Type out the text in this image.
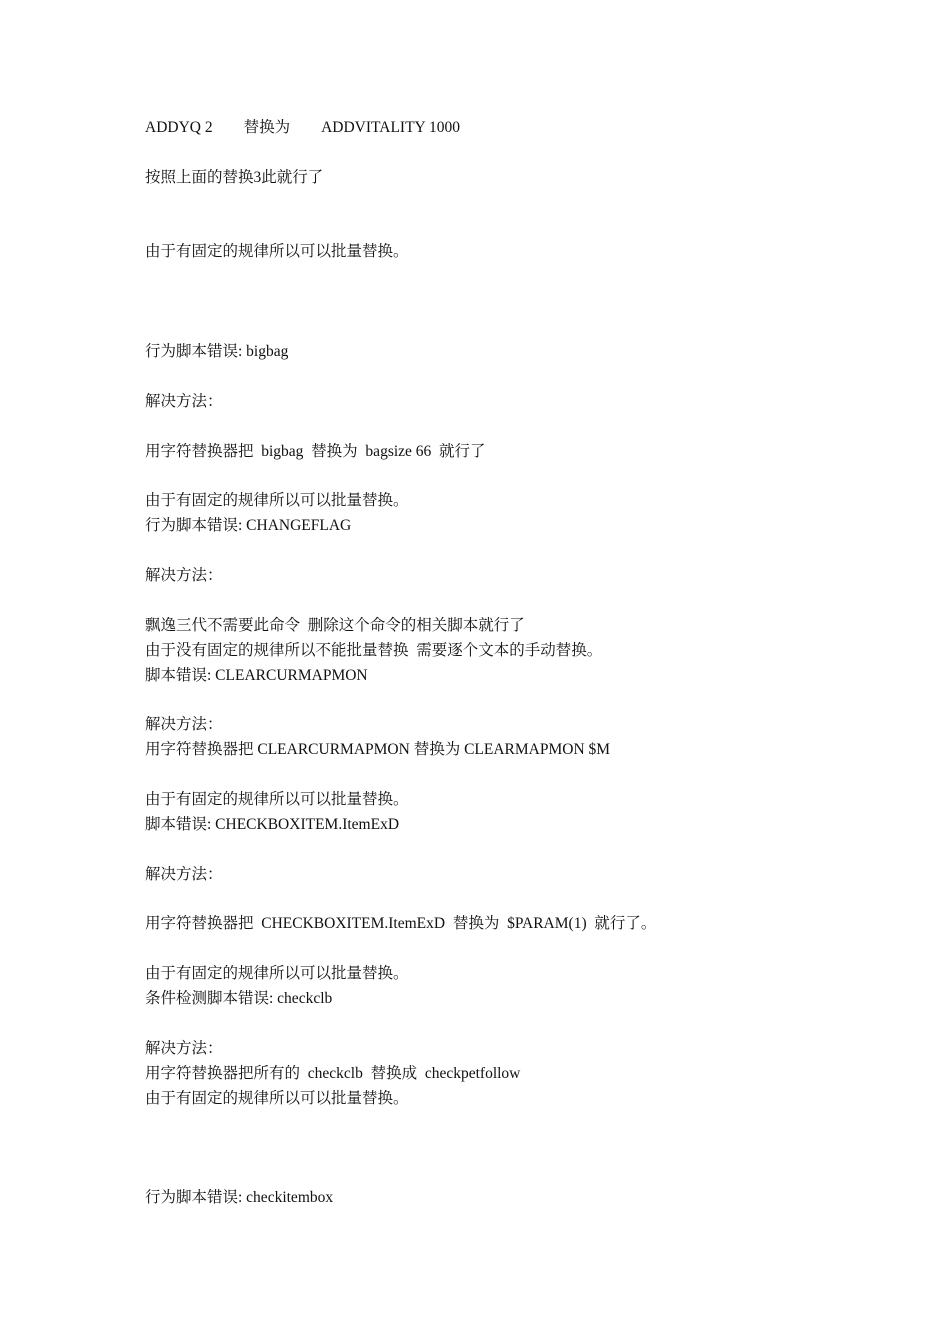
ADDYQ 2        替换为        ADDVITALITY 1000

按照上面的替换3此就行了

由于有固定的规律所以可以批量替换。

行为脚本错误: bigbag

解决方法：

用字符替换器把  bigbag  替换为  bagsize 66  就行了

由于有固定的规律所以可以批量替换。

行为脚本错误: CHANGEFLAG

解决方法：

飘逸三代不需要此命令  删除这个命令的相关脚本就行了

由于没有固定的规律所以不能批量替换  需要逐个文本的手动替换。

脚本错误: CLEARCURMAPMON

解决方法：

用字符替换器把 CLEARCURMAPMON 替换为 CLEARMAPMON $M

由于有固定的规律所以可以批量替换。

脚本错误: CHECKBOXITEM.ItemExD

解决方法：

用字符替换器把  CHECKBOXITEM.ItemExD  替换为  $PARAM(1)  就行了。

由于有固定的规律所以可以批量替换。

条件检测脚本错误: checkclb

解决方法：

用字符替换器把所有的  checkclb  替换成  checkpetfollow

由于有固定的规律所以可以批量替换。

行为脚本错误: checkitembox
